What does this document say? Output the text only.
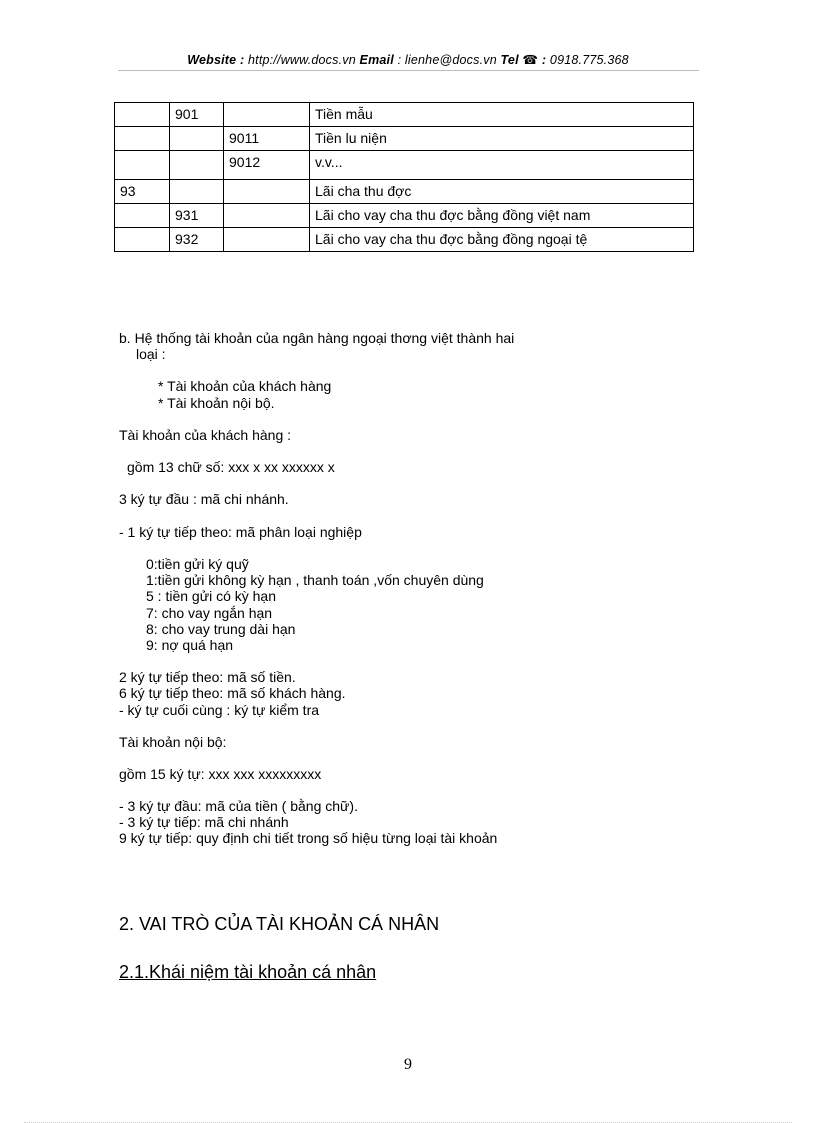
Website : http://www.docs.vn Email : lienhe@docs.vn Tel ☎ : 0918.775.368
	901		Tiền mẫu
		9011	Tiền lu niện
		9012	v.v...
93			Lãi cha thu đợc
	931		Lãi cho vay cha thu đợc bằng đồng việt nam
	932		Lãi cho vay cha thu đợc bằng đồng ngoại tệ
b. Hệ thống tài khoản của ngân hàng ngoại thơng việt thành hai
loại :
* Tài khoản của khách hàng
* Tài khoản nội bộ.
Tài khoản của khách hàng :
gồm 13 chữ số: xxx x xx xxxxxx x
3 ký tự đầu : mã chi nhánh.
- 1 ký tự tiếp theo: mã phân loại nghiệp
0:tiền gửi ký quỹ
1:tiền gửi không kỳ hạn , thanh toán ,vốn chuyên dùng
5 : tiền gửi có kỳ hạn
7: cho vay ngắn hạn
8: cho vay trung dài hạn
9: nợ quá hạn
2 ký tự tiếp theo: mã số tiền.
6 ký tự tiếp theo: mã số khách hàng.
- ký tự cuối cùng : ký tự kiểm tra
Tài khoản nội bộ:
gồm 15 ký tự: xxx xxx xxxxxxxxx
- 3 ký tự đầu: mã của tiền ( bằng chữ).
- 3 ký tự tiếp: mã chi nhánh
9 ký tự tiếp: quy định chi tiết trong số hiệu từng loại tài khoản
2. VAI TRÒ CỦA TÀI KHOẢN CÁ NHÂN
2.1.Khái niệm tài khoản cá nhân
9
